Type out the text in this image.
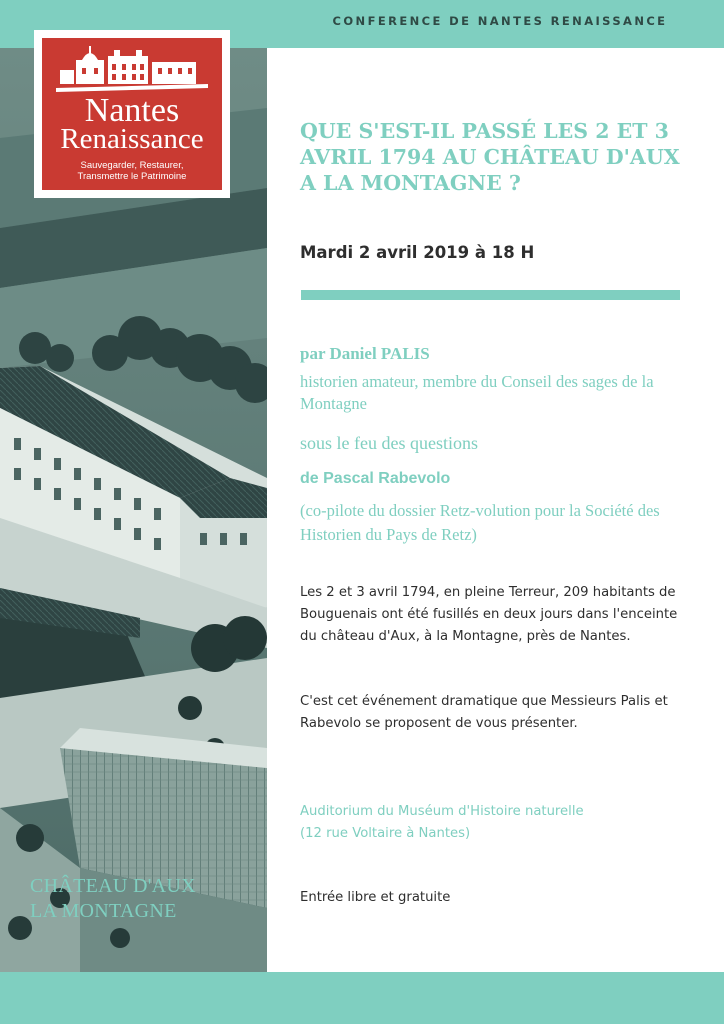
CONFERENCE DE NANTES RENAISSANCE
Nantes
Renaissance
Sauvegarder, Restaurer,
Transmettre le Patrimoine
CHÂTEAU D'AUX
LA MONTAGNE
QUE S'EST-IL PASSÉ LES 2 ET 3 AVRIL 1794 AU CHÂTEAU D'AUX A LA MONTAGNE ?
Mardi 2 avril 2019 à 18 H
par Daniel PALIS
historien amateur, membre du Conseil des sages de la Montagne
sous le feu des questions
de Pascal Rabevolo
(co-pilote du dossier Retz-volution pour la Société des Historien du Pays de Retz)

Les 2 et 3 avril 1794, en pleine Terreur, 209 habitants de Bouguenais ont été fusillés en deux jours dans l'enceinte du château d'Aux, à la Montagne, près de Nantes.

C'est cet événement dramatique que Messieurs Palis et Rabevolo se proposent de vous présenter.

Auditorium du Muséum d'Histoire naturelle
(12 rue Voltaire à Nantes)
Entrée libre et gratuite
